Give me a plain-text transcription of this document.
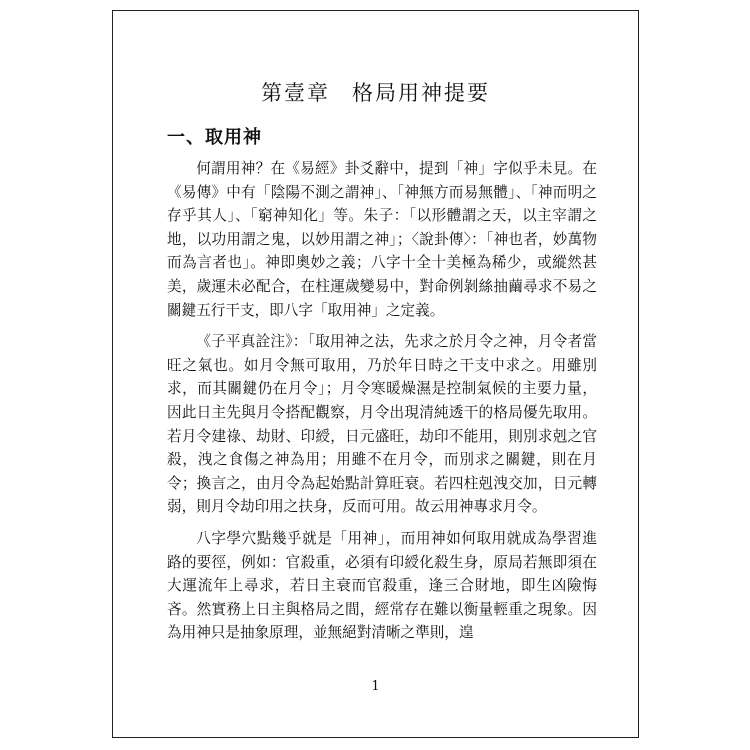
第壹章 格局用神提要
一、取用神

何謂用神？在《易經》卦爻辭中，提到「神」字似乎未見。在《易傳》中有「陰陽不測之謂神」、「神無方而易無體」、「神而明之存乎其人」、「窮神知化」等。朱子：「以形體謂之天，以主宰謂之地，以功用謂之鬼，以妙用謂之神」；〈說卦傳〉：「神也者，妙萬物而為言者也」。神即奧妙之義；八字十全十美極為稀少，或縱然甚美，歲運未必配合，在柱運歲變易中，對命例剝絲抽繭尋求不易之關鍵五行干支，即八字「取用神」之定義。

《子平真詮注》：「取用神之法，先求之於月令之神，月令者當旺之氣也。如月令無可取用，乃於年日時之干支中求之。用雖別求，而其關鍵仍在月令」；月令寒暖燥濕是控制氣候的主要力量，因此日主先與月令搭配觀察，月令出現清純透干的格局優先取用。若月令建祿、劫財、印綬，日元盛旺，劫印不能用，則別求剋之官殺，洩之食傷之神為用；用雖不在月令，而別求之關鍵，則在月令；換言之，由月令為起始點計算旺衰。若四柱剋洩交加，日元轉弱，則月令劫印用之扶身，反而可用。故云用神專求月令。

八字學穴點幾乎就是「用神」，而用神如何取用就成為學習進路的要徑，例如：官殺重，必須有印綬化殺生身，原局若無即須在大運流年上尋求，若日主衰而官殺重，逢三合財地，即生凶險悔吝。然實務上日主與格局之間，經常存在難以衡量輕重之現象。因為用神只是抽象原理，並無絕對清晰之準則，遑

1
